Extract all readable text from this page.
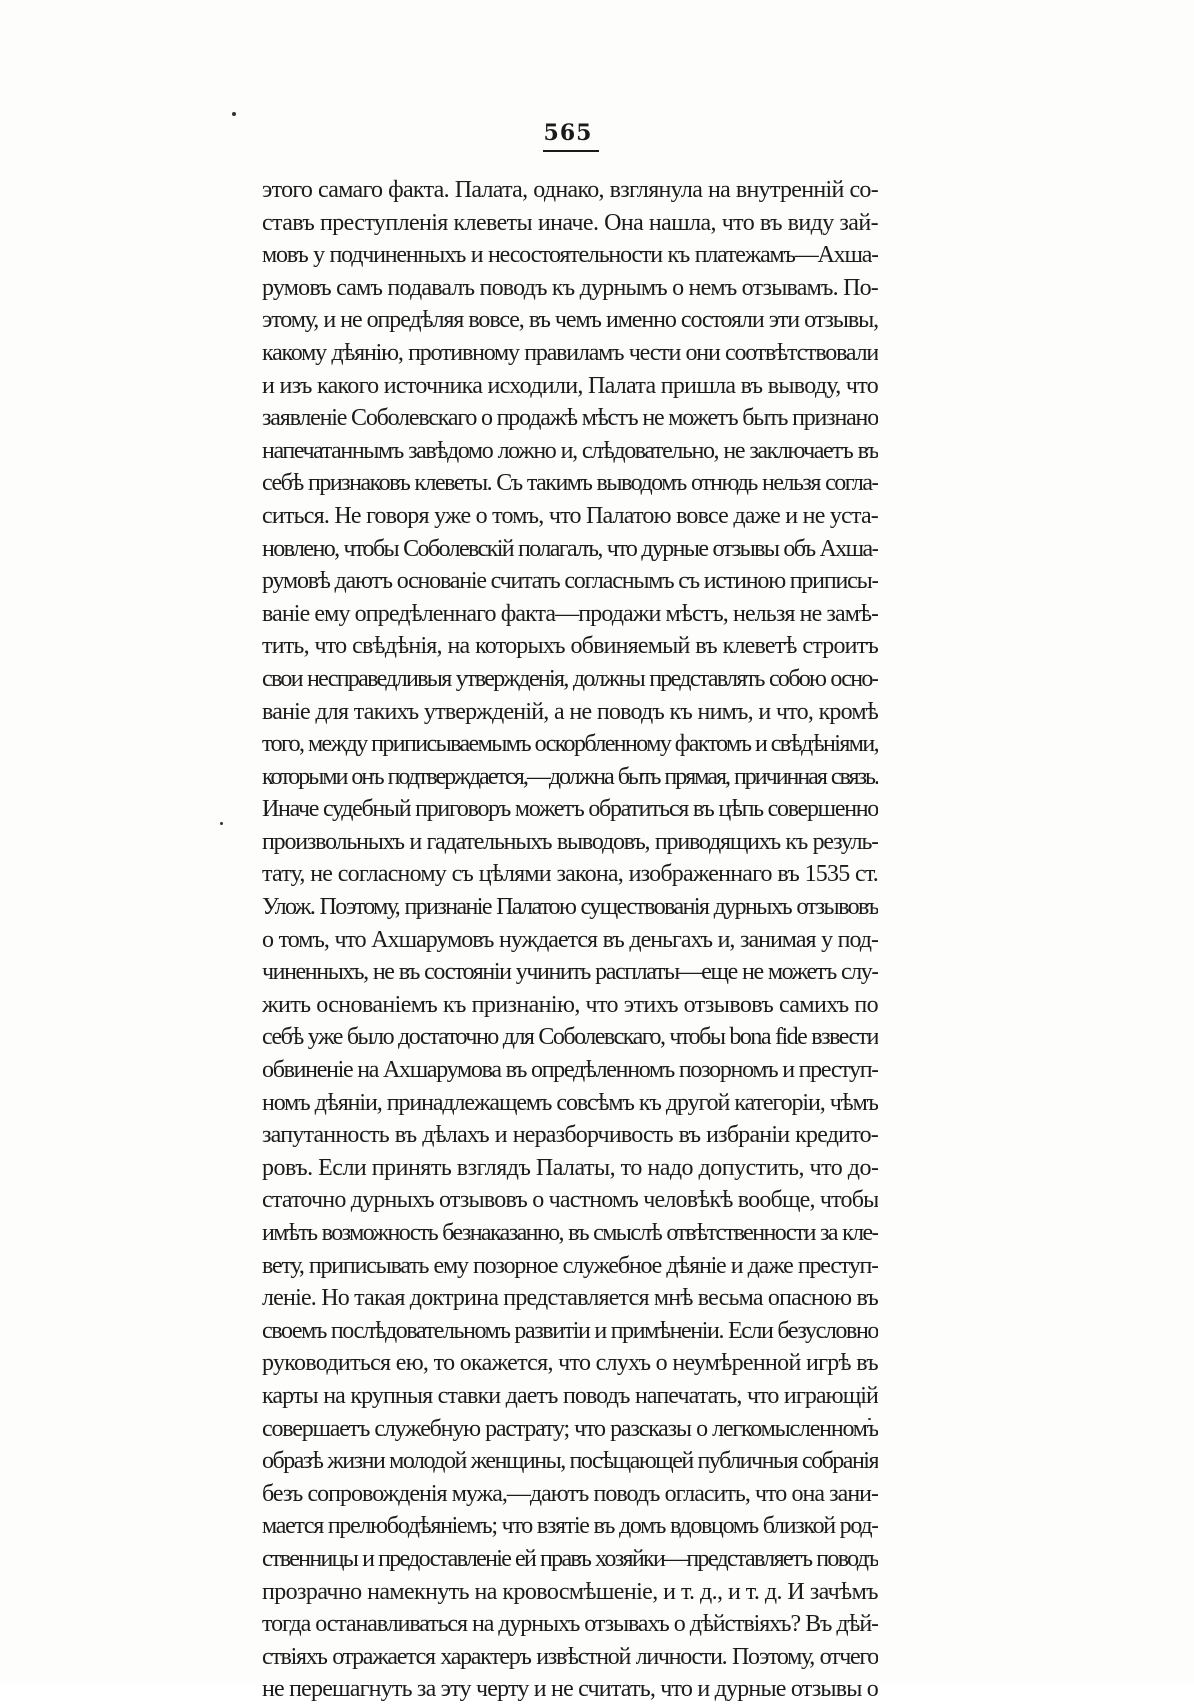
565
этого самаго факта. Палата, однако, взглянула на внутренній со-
ставъ преступленія клеветы иначе. Она нашла, что въ виду зай-
мовъ у подчиненныхъ и несостоятельности къ платежамъ—Ахша-
румовъ самъ подавалъ поводъ къ дурнымъ о немъ отзывамъ. По-
этому, и не опредѣляя вовсе, въ чемъ именно состояли эти отзывы,
какому дѣянію, противному правиламъ чести они соотвѣтствовали
и изъ какого источника исходили, Палата пришла въ выводу, что
заявленіе Соболевскаго о продажѣ мѣстъ не можетъ быть признано
напечатаннымъ завѣдомо ложно и, слѣдовательно, не заключаетъ въ
себѣ признаковъ клеветы. Съ такимъ выводомъ отнюдь нельзя согла-
ситься. Не говоря уже о томъ, что Палатою вовсе даже и не уста-
новлено, чтобы Соболевскій полагалъ, что дурные отзывы объ Ахша-
румовѣ даютъ основаніе считать согласнымъ съ истиною приписы-
ваніе ему опредѣленнаго факта—продажи мѣстъ, нельзя не замѣ-
тить, что свѣдѣнія, на которыхъ обвиняемый въ клеветѣ строитъ
свои несправедливыя утвержденія, должны представлять собою осно-
ваніе для такихъ утвержденій, а не поводъ къ нимъ, и что, кромѣ
того, между приписываемымъ оскорбленному фактомъ и свѣдѣніями,
которыми онъ подтверждается,—должна быть прямая, причинная связь.
Иначе судебный приговоръ можетъ обратиться въ цѣпь совершенно
произвольныхъ и гадательныхъ выводовъ, приводящихъ къ резуль-
тату, не согласному съ цѣлями закона, изображеннаго въ 1535 ст.
Улож. Поэтому, признаніе Палатою существованія дурныхъ отзывовъ
о томъ, что Ахшарумовъ нуждается въ деньгахъ и, занимая у под-
чиненныхъ, не въ состояніи учинить расплаты—еще не можетъ слу-
жить основаніемъ къ признанію, что этихъ отзывовъ самихъ по
себѣ уже было достаточно для Соболевскаго, чтобы bona fide взвести
обвиненіе на Ахшарумова въ опредѣленномъ позорномъ и преступ-
номъ дѣяніи, принадлежащемъ совсѣмъ къ другой категоріи, чѣмъ
запутанность въ дѣлахъ и неразборчивость въ избраніи кредито-
ровъ. Если принять взглядъ Палаты, то надо допустить, что до-
статочно дурныхъ отзывовъ о частномъ человѣкѣ вообще, чтобы
имѣть возможность безнаказанно, въ смыслѣ отвѣтственности за кле-
вету, приписывать ему позорное служебное дѣяніе и даже преступ-
леніе. Но такая доктрина представляется мнѣ весьма опасною въ
своемъ послѣдовательномъ развитіи и примѣненіи. Если безусловно
руководиться ею, то окажется, что слухъ о неумѣренной игрѣ въ
карты на крупныя ставки даетъ поводъ напечатать, что играющій
совершаетъ служебную растрату; что разсказы о легкомысленномъ
образѣ жизни молодой женщины, посѣщающей публичныя собранія
безъ сопровожденія мужа,—даютъ поводъ огласить, что она зани-
мается прелюбодѣяніемъ; что взятіе въ домъ вдовцомъ близкой род-
ственницы и предоставленіе ей правъ хозяйки—представляетъ поводъ
прозрачно намекнуть на кровосмѣшеніе, и т. д., и т. д. И зачѣмъ
тогда останавливаться на дурныхъ отзывахъ о дѣйствіяхъ? Въ дѣй-
ствіяхъ отражается характеръ извѣстной личности. Поэтому, отчего
не перешагнуть за эту черту и не считать, что и дурные отзывы о
